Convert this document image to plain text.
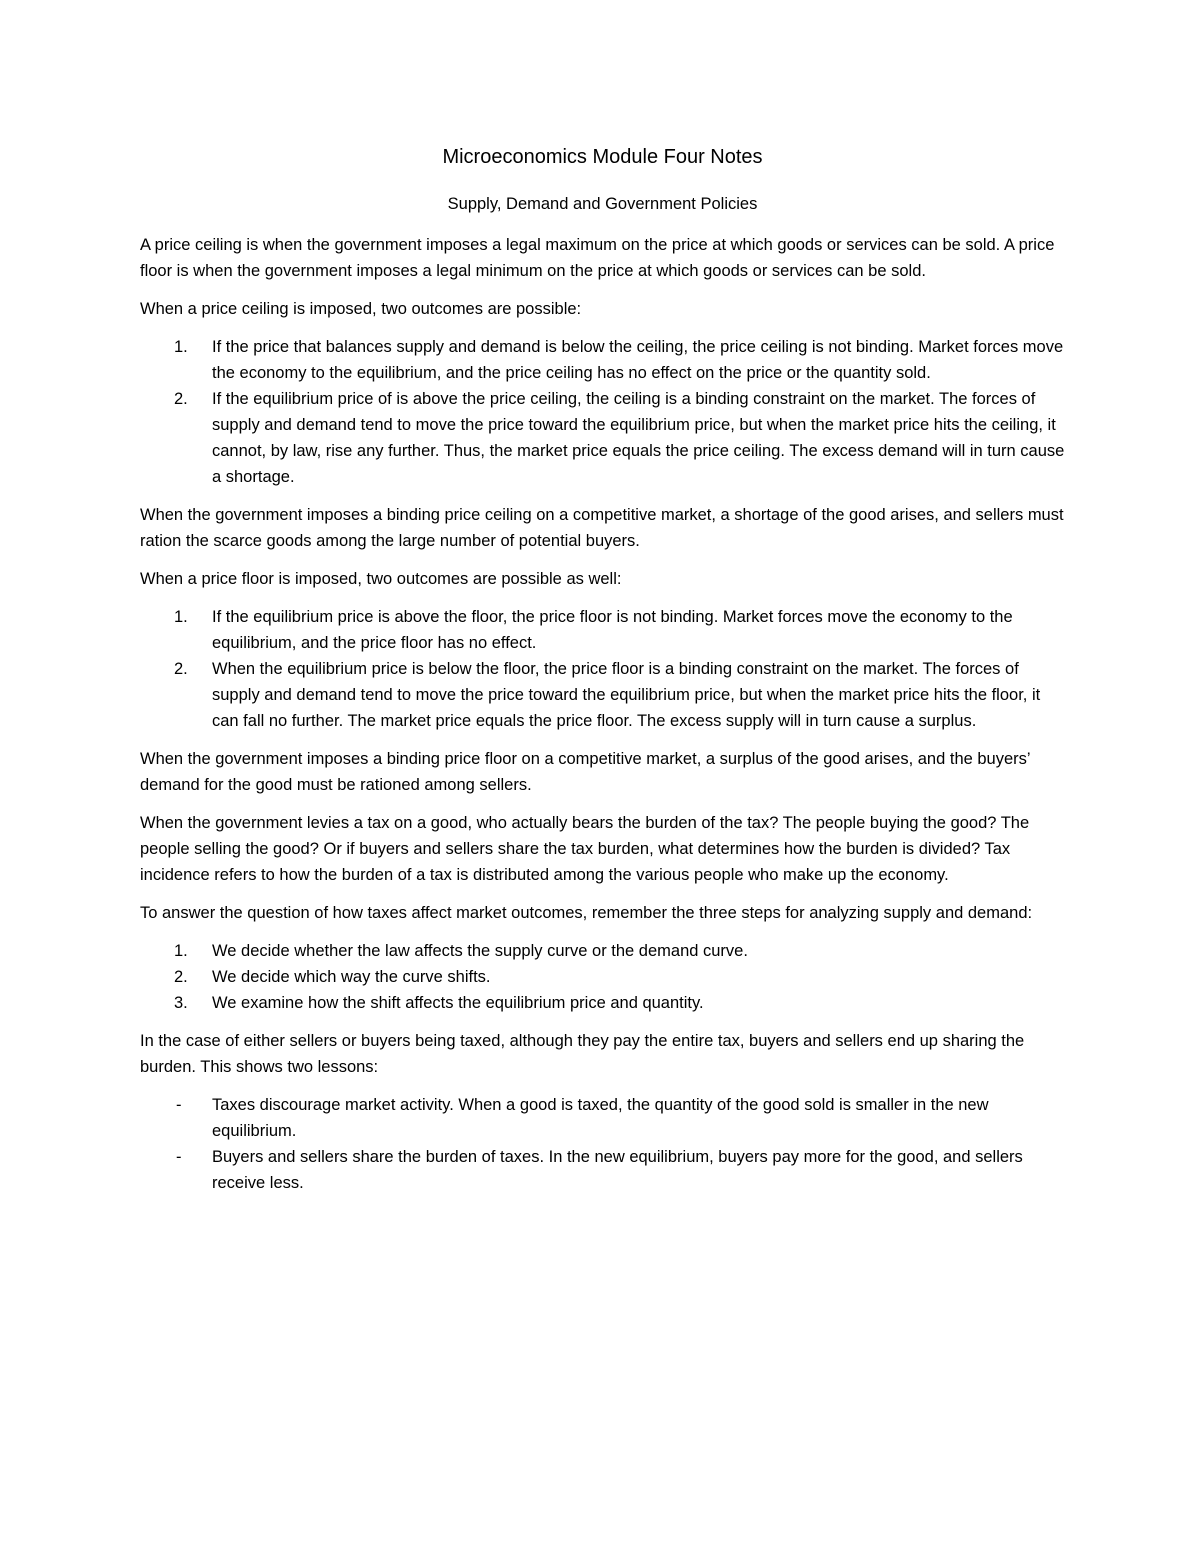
Microeconomics Module Four Notes
Supply, Demand and Government Policies

A price ceiling is when the government imposes a legal maximum on the price at which goods or services can be sold. A price floor is when the government imposes a legal minimum on the price at which goods or services can be sold.

When a price ceiling is imposed, two outcomes are possible:

1. If the price that balances supply and demand is below the ceiling, the price ceiling is not binding. Market forces move the economy to the equilibrium, and the price ceiling has no effect on the price or the quantity sold.
2. If the equilibrium price of is above the price ceiling, the ceiling is a binding constraint on the market. The forces of supply and demand tend to move the price toward the equilibrium price, but when the market price hits the ceiling, it cannot, by law, rise any further. Thus, the market price equals the price ceiling. The excess demand will in turn cause a shortage.

When the government imposes a binding price ceiling on a competitive market, a shortage of the good arises, and sellers must ration the scarce goods among the large number of potential buyers.

When a price floor is imposed, two outcomes are possible as well:

1. If the equilibrium price is above the floor, the price floor is not binding. Market forces move the economy to the equilibrium, and the price floor has no effect.
2. When the equilibrium price is below the floor, the price floor is a binding constraint on the market. The forces of supply and demand tend to move the price toward the equilibrium price, but when the market price hits the floor, it can fall no further. The market price equals the price floor. The excess supply will in turn cause a surplus.

When the government imposes a binding price floor on a competitive market, a surplus of the good arises, and the buyers’ demand for the good must be rationed among sellers.

When the government levies a tax on a good, who actually bears the burden of the tax? The people buying the good? The people selling the good? Or if buyers and sellers share the tax burden, what determines how the burden is divided? Tax incidence refers to how the burden of a tax is distributed among the various people who make up the economy.

To answer the question of how taxes affect market outcomes, remember the three steps for analyzing supply and demand:

1. We decide whether the law affects the supply curve or the demand curve.
2. We decide which way the curve shifts.
3. We examine how the shift affects the equilibrium price and quantity.

In the case of either sellers or buyers being taxed, although they pay the entire tax, buyers and sellers end up sharing the burden. This shows two lessons:

- Taxes discourage market activity. When a good is taxed, the quantity of the good sold is smaller in the new equilibrium.
- Buyers and sellers share the burden of taxes. In the new equilibrium, buyers pay more for the good, and sellers receive less.
